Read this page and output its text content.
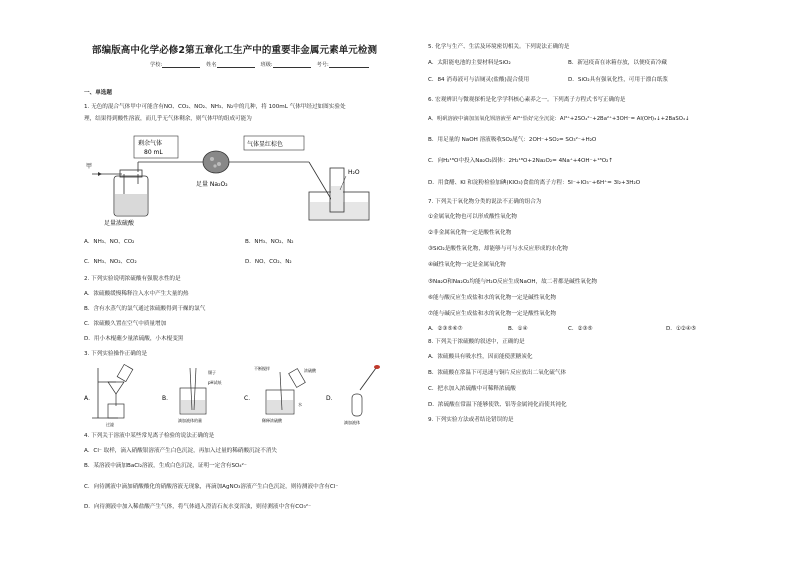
部编版高中化学必修2第五章化工生产中的重要非金属元素单元检测
学校:	姓名	班级:	考号:
一、单选题
1. 无色的混合气体甲中可能含有NO、CO₂、NO₂、NH₃、N₂中的几种，将 100mL 气体甲经过如图实验处
理，结果得到酸性溶液，而几乎无气体剩余，则气体甲的组成可能为
甲
足量浓硫酸
剩余气体
80 mL
足量 Na₂O₂
气体显红棕色
H₂O
A．NH₃、NO、CO₂	B．NH₃、NO₂、N₂
C．NH₃、NO₂、CO₂	D．NO、CO₂、N₂
2. 下列实验说明浓硫酸有强脱水性的是
A．浓硫酸缓慢稀释注入水中产生大量的热
B．含有水蒸气的氯气通过浓硫酸得到干燥的氯气
C．浓硫酸久置在空气中质量增加
D．用小木棍蘸少量浓硫酸，小木棍变黑
3. 下列实验操作正确的是
A．
过滤
B．
镊子
pH试纸
滴加液体的量
C．
不断搅拌	浓硫酸
水
稀释浓硫酸
D．
滴加液体
4. 下列关于溶液中某些常见离子检验的说法正确的是
A．Cl⁻ 取样，滴入硝酸银溶液产生白色沉淀，再加入过量的稀硝酸沉淀不消失
B．某溶液中滴加BaCl₂溶液，生成白色沉淀，证明一定含有SO₄²⁻
C．向待测液中滴加硝酸酸化的硝酸溶液无现象，再滴加AgNO₃溶液产生白色沉淀，则待测液中含有Cl⁻
D．向待测液中加入稀盐酸产生气体，将气体通入澄清石灰水变浑浊，则待测液中含有CO₃²⁻
5. 化学与生产、生活及环境密切相关。下列说法正确的是
A．太阳能电池的主要材料是SiO₂	B．新冠疫苗在冰箱存放，以便疫苗冷藏
C．84 消毒液可与洁厕灵(盐酸)混合使用	D．SiO₂具有强氧化性，可用于漂白纸浆
6. 宏观辨识与微观探析是化学学科核心素养之一。下列离子方程式书写正确的是
A．明矾溶液中滴加氢氧化钡溶液至 Al³⁺恰好完全沉淀：Al³⁺+2SO₄²⁻+2Ba²⁺+3OH⁻= Al(OH)₃↓+2BaSO₄↓
B．用足量的 NaOH 溶液吸收SO₂尾气：2OH⁻+SO₂= SO₃²⁻+H₂O
C．向H₂¹⁸O中投入Na₂O₂固体：2H₂¹⁸O+2Na₂O₂= 4Na⁺+4OH⁻+¹⁸O₂↑
D．用食醋、KI 和淀粉检验加碘(KIO₃)食盐的离子方程：5I⁻+IO₃⁻+6H⁺= 3I₂+3H₂O
7. 下列关于氧化物分类的说法不正确的组合为
①金属氧化物也可以形成酸性氧化物
②非金属氧化物一定是酸性氧化物
③SiO₂是酸性氧化物，却能够与可与水反应形成的水化物
④碱性氧化物一定是金属氧化物
⑤Na₂O和Na₂O₂均能与H₂O反应生成NaOH，故二者都是碱性氧化物
⑥能与酸反应生成盐和水的氧化物一定是碱性氧化物
⑦能与碱反应生成盐和水的氧化物一定是酸性氧化物
A．②③⑤⑥⑦	B．①④	C．②③⑤	D．①②④⑤
8. 下列关于浓硫酸的叙述中，正确的是
A．浓硫酸具有吸水性，因而能使蔗糖炭化
B．浓硫酸在常温下可迅速与铜片反应放出二氧化硫气体
C．把水加入浓硫酸中可稀释浓硫酸
D．浓硫酸在常温下能够使铁、铝等金属钝化而使其钝化
9. 下列实验方法或者结论错误的是
